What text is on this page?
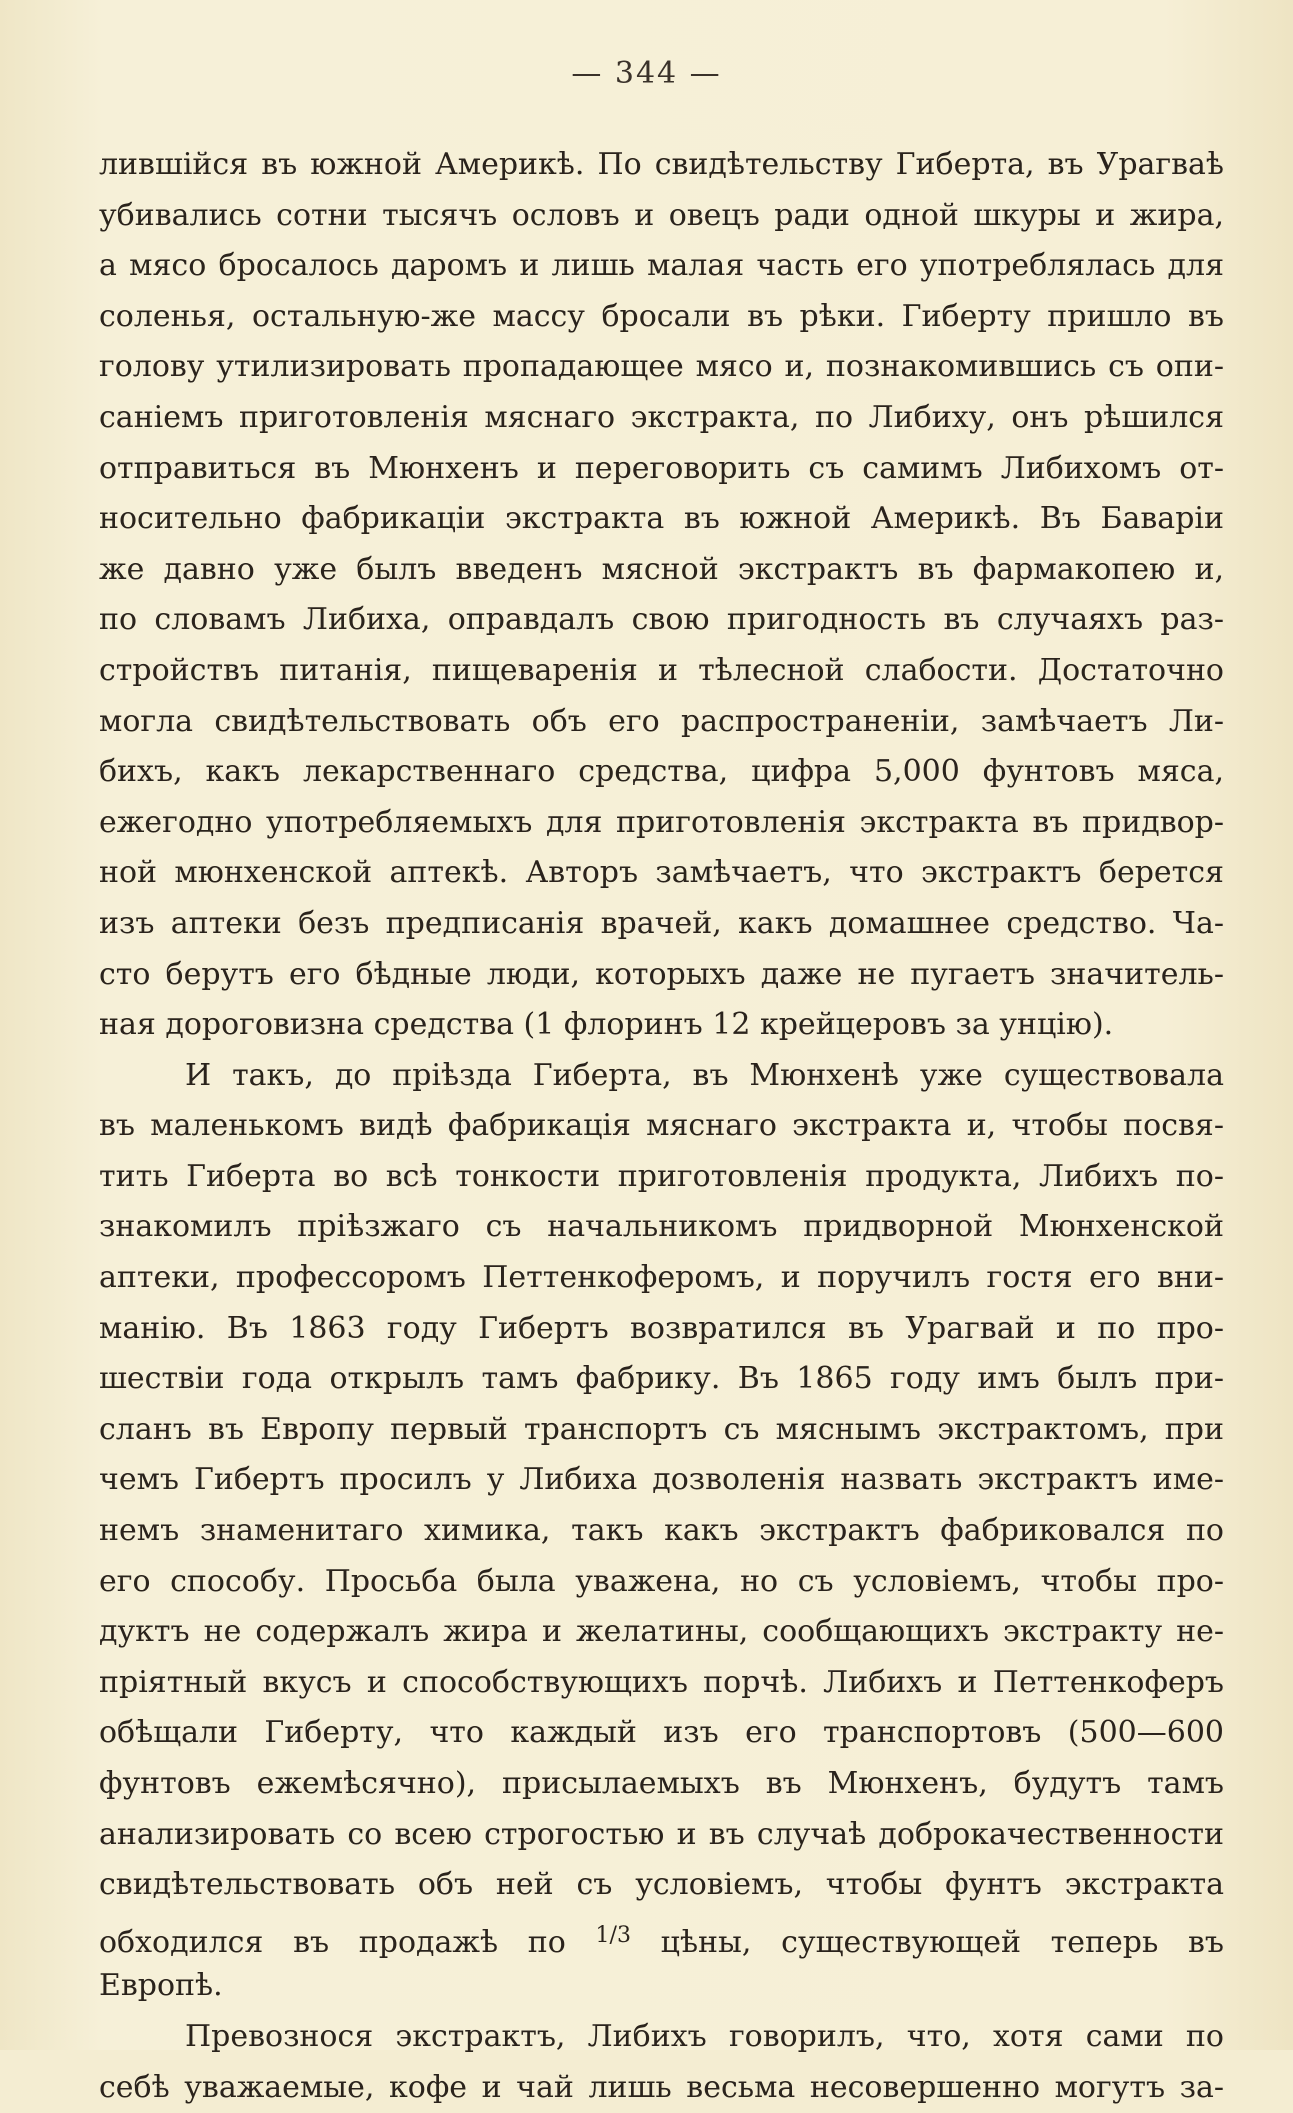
— 344 —
лившійся въ южной Америкѣ. По свидѣтельству Гиберта, въ Урагваѣ
убивались сотни тысячъ ословъ и овецъ ради одной шкуры и жира,
а мясо бросалось даромъ и лишь малая часть его употреблялась для
соленья, остальную-же массу бросали въ рѣки. Гиберту пришло въ
голову утилизировать пропадающее мясо и, познакомившись съ опи-
саніемъ приготовленія мяснаго экстракта, по Либиху, онъ рѣшился
отправиться въ Мюнхенъ и переговорить съ самимъ Либихомъ от-
носительно фабрикаціи экстракта въ южной Америкѣ. Въ Баваріи
же давно уже былъ введенъ мясной экстрактъ въ фармакопею и,
по словамъ Либиха, оправдалъ свою пригодность въ случаяхъ раз-
стройствъ питанія, пищеваренія и тѣлесной слабости. Достаточно
могла свидѣтельствовать объ его распространеніи, замѣчаетъ Ли-
бихъ, какъ лекарственнаго средства, цифра 5,000 фунтовъ мяса,
ежегодно употребляемыхъ для приготовленія экстракта въ придвор-
ной мюнхенской аптекѣ. Авторъ замѣчаетъ, что экстрактъ берется
изъ аптеки безъ предписанія врачей, какъ домашнее средство. Ча-
сто берутъ его бѣдные люди, которыхъ даже не пугаетъ значитель-
ная дороговизна средства (1 флоринъ 12 крейцеровъ за унцію).
И такъ, до пріѣзда Гиберта, въ Мюнхенѣ уже существовала
въ маленькомъ видѣ фабрикація мяснаго экстракта и, чтобы посвя-
тить Гиберта во всѣ тонкости приготовленія продукта, Либихъ по-
знакомилъ пріѣзжаго съ начальникомъ придворной Мюнхенской
аптеки, профессоромъ Петтенкоферомъ, и поручилъ гостя его вни-
манію. Въ 1863 году Гибертъ возвратился въ Урагвай и по про-
шествіи года открылъ тамъ фабрику. Въ 1865 году имъ былъ при-
сланъ въ Европу первый транспортъ съ мяснымъ экстрактомъ, при
чемъ Гибертъ просилъ у Либиха дозволенія назвать экстрактъ име-
немъ знаменитаго химика, такъ какъ экстрактъ фабриковался по
его способу. Просьба была уважена, но съ условіемъ, чтобы про-
дуктъ не содержалъ жира и желатины, сообщающихъ экстракту не-
пріятный вкусъ и способствующихъ порчѣ. Либихъ и Петтенкоферъ
обѣщали Гиберту, что каждый изъ его транспортовъ (500—600
фунтовъ ежемѣсячно), присылаемыхъ въ Мюнхенъ, будутъ тамъ
анализировать со всею строгостью и въ случаѣ доброкачественности
свидѣтельствовать объ ней съ условіемъ, чтобы фунтъ экстракта
обходился въ продажѣ по $^{1/3}$ цѣны, существующей теперь въ
Европѣ.
Превознося экстрактъ, Либихъ говорилъ, что, хотя сами по
себѣ уважаемые, кофе и чай лишь весьма несовершенно могутъ за-
